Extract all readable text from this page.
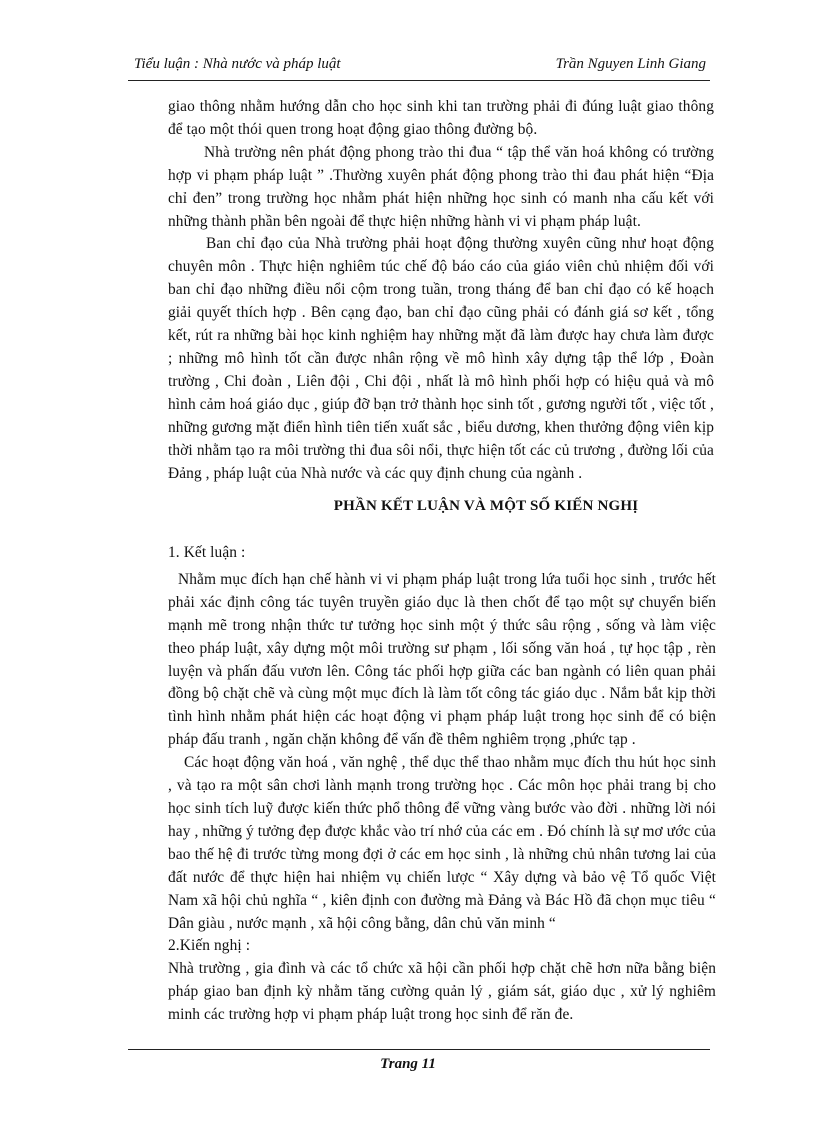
Tiểu luận : Nhà nước và pháp luật	Trần Nguyen Linh Giang

giao thông nhằm hướng dẫn cho học sinh khi tan trường phải đi đúng luật giao thông để tạo một thói quen trong hoạt động giao thông đường bộ.

Nhà trường nên phát động phong trào thi đua “ tập thể văn hoá không có trường hợp vi phạm pháp luật ” .Thường xuyên phát động phong trào thi đau phát hiện “Địa chỉ đen” trong trường học nhằm phát hiện những học sinh có manh nha cấu kết với những thành phần bên ngoài để thực hiện những hành vi vi phạm pháp luật.

Ban chỉ đạo của Nhà trường phải hoạt động thường xuyên cũng như hoạt động chuyên môn . Thực hiện nghiêm túc chế độ báo cáo của giáo viên chủ nhiệm đối với ban chỉ đạo những điều nổi cộm trong tuần, trong tháng để ban chỉ đạo có kế hoạch giải quyết thích hợp . Bên cạng đạo, ban chỉ đạo cũng phải có đánh giá sơ kết , tổng kết, rút ra những bài học kinh nghiệm hay những mặt đã làm được hay chưa làm được ; những mô hình tốt cần được nhân rộng về mô hình xây dựng tập thể lớp , Đoàn trường , Chi đoàn , Liên đội , Chi đội , nhất là mô hình phối hợp có hiệu quả và mô hình cảm hoá giáo dục , giúp đỡ bạn trở thành học sinh tốt , gương người tốt , việc tốt , những gương mặt điển hình tiên tiến xuất sắc , biểu dương, khen thưởng động viên kịp thời nhằm tạo ra môi trường thi đua sôi nổi, thực hiện tốt các củ trương , đường lối của Đảng , pháp luật của Nhà nước và các quy định chung của ngành .

PHẦN KẾT LUẬN VÀ MỘT SỐ KIẾN NGHỊ

1. Kết luận :

Nhằm mục đích hạn chế hành vi vi phạm pháp luật trong lứa tuổi học sinh , trước hết phải xác định công tác tuyên truyền giáo dục là then chốt để tạo một sự chuyển biến mạnh mẽ trong nhận thức tư tưởng học sinh một ý thức sâu rộng , sống và làm việc theo pháp luật, xây dựng một môi trường sư phạm , lối sống văn hoá , tự học tập , rèn luyện và phấn đấu vươn lên. Công tác phối hợp giữa các ban ngành có liên quan phải đồng bộ chặt chẽ và cùng một mục đích là làm tốt công tác giáo dục . Nắm bắt kịp thời tình hình nhằm phát hiện các hoạt động vi phạm pháp luật trong học sinh để có biện pháp đấu tranh , ngăn chặn không để vấn đề thêm nghiêm trọng ,phức tạp .

Các hoạt động văn hoá , văn nghệ , thể dục thể thao nhằm mục đích thu hút học sinh , và tạo ra một sân chơi lành mạnh trong trường học . Các môn học phải trang bị cho học sinh tích luỹ được kiến thức phổ thông để vững vàng bước vào đời . những lời nói hay , những ý tưởng đẹp được khắc vào trí nhớ của các em . Đó chính là sự mơ ước của bao thế hệ đi trước từng mong đợi ở các em học sinh , là những chủ nhân tương lai của đất nước để thực hiện hai nhiệm vụ chiến lược “ Xây dựng và bảo vệ Tổ quốc Việt Nam xã hội chủ nghĩa “ , kiên định con đường mà Đảng và Bác Hồ đã chọn mục tiêu “ Dân giàu , nước mạnh , xã hội công bằng, dân chủ văn minh “

2.Kiến nghị :

Nhà trường , gia đình và các tổ chức xã hội cần phối hợp chặt chẽ hơn nữa bằng biện pháp giao ban định kỳ nhằm tăng cường quản lý , giám sát, giáo dục , xử lý nghiêm minh các trường hợp vi phạm pháp luật trong học sinh để răn đe.

Trang 11
